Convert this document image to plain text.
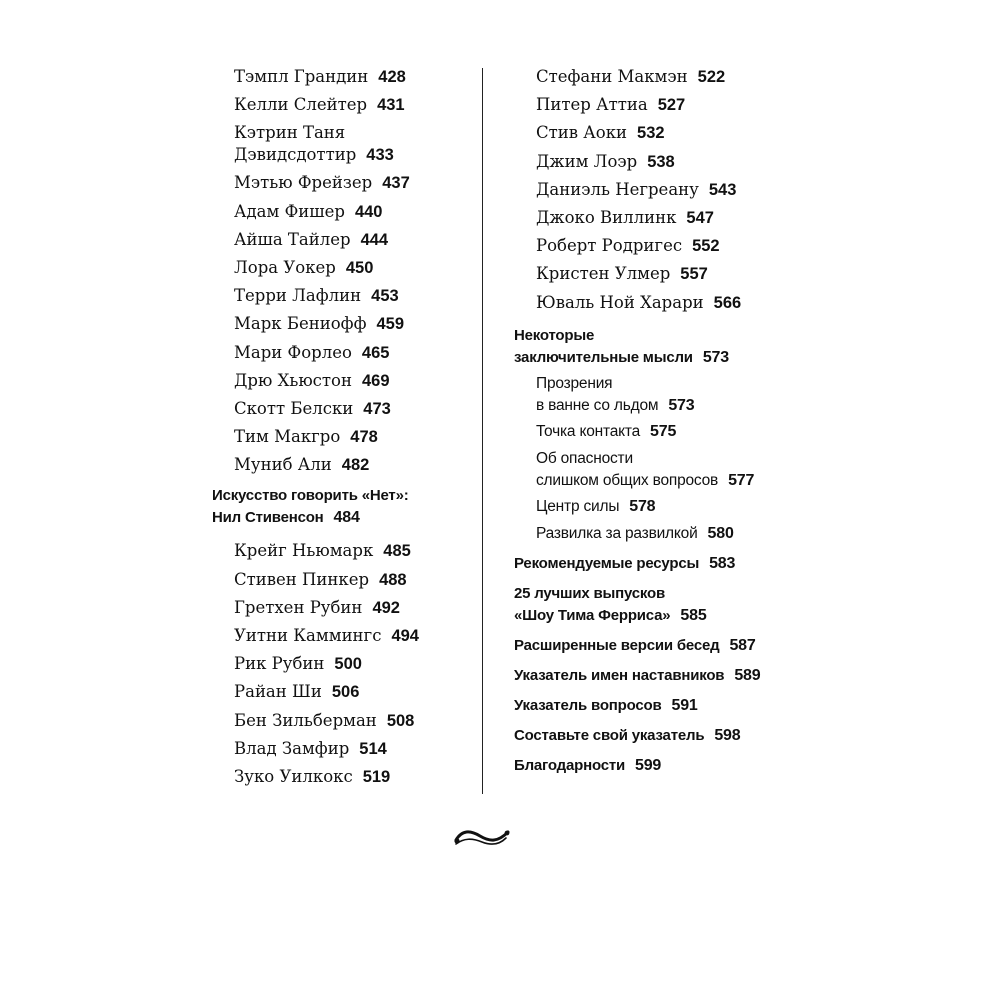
Тэмпл Грандин 428
Келли Слейтер 431
Кэтрин Таня
Дэвидсдоттир 433
Мэтью Фрейзер 437
Адам Фишер 440
Айша Тайлер 444
Лора Уокер 450
Терри Лафлин 453
Марк Бениофф 459
Мари Форлео 465
Дрю Хьюстон 469
Скотт Белски 473
Тим Макгро 478
Муниб Али 482
Искусство говорить «Нет»:
Нил Стивенсон 484
Крейг Ньюмарк 485
Стивен Пинкер 488
Гретхен Рубин 492
Уитни Каммингс 494
Рик Рубин 500
Райан Ши 506
Бен Зильберман 508
Влад Замфир 514
Зуко Уилкокс 519
Стефани Макмэн 522
Питер Аттиа 527
Стив Аоки 532
Джим Лоэр 538
Даниэль Негреану 543
Джоко Виллинк 547
Роберт Родригес 552
Кристен Улмер 557
Юваль Ной Харари 566
Некоторые
заключительные мысли 573
Прозрения
в ванне со льдом 573
Точка контакта 575
Об опасности
слишком общих вопросов 577
Центр силы 578
Развилка за развилкой 580
Рекомендуемые ресурсы 583
25 лучших выпусков
«Шоу Тима Ферриса» 585
Расширенные версии бесед 587
Указатель имен наставников 589
Указатель вопросов 591
Составьте свой указатель 598
Благодарности 599
